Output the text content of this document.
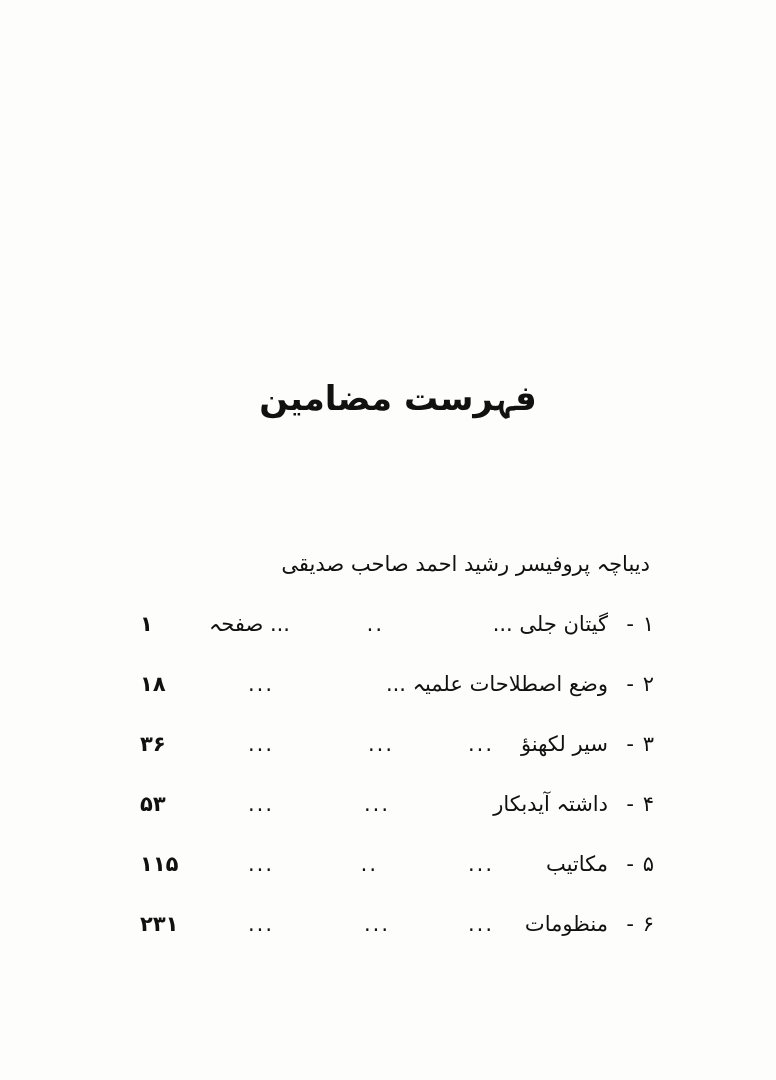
فہرست مضامین
دیباچہ پروفیسر رشید احمد صاحب صدیقی
۱
-
گیتان جلی ...
..
... صفحہ
۱
۲
-
وضع اصطلاحات علمیہ ...
...
۱۸
۳
-
سیر لکھنؤ
...
...
...
۳۶
۴
-
داشتہ آیدبکار
...
...
۵۳
۵
-
مکاتیب
...
..
...
۱۱۵
۶
-
منظومات
...
...
...
۲۳۱
